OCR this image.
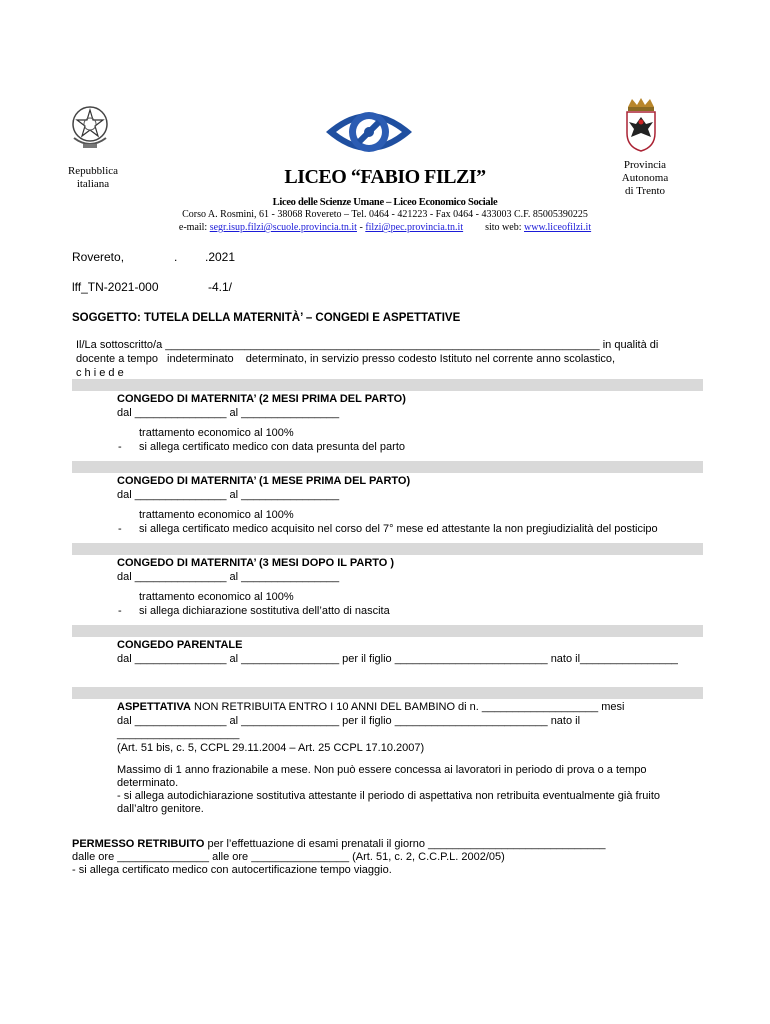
Repubblica
italiana
Provincia
Autonoma
di Trento
LICEO “FABIO FILZI”
Liceo delle Scienze Umane – Liceo Economico Sociale
Corso A. Rosmini, 61 - 38068 Rovereto – Tel. 0464 - 421223 - Fax 0464 - 433003 C.F. 85005390225
e-mail: segr.isup.filzi@scuole.provincia.tn.it - filzi@pec.provincia.tn.it sito web: www.liceofilzi.it
Rovereto,	. .2021
lff_TN-2021-000	-4.1/
SOGGETTO: TUTELA DELLA MATERNITÀ’ – CONGEDI E ASPETTATIVE
Il/La sottoscritto/a _______________________________________________________________________ in qualità di
docente a tempo indeterminato determinato, in servizio presso codesto Istituto nel corrente anno scolastico,
c h i e d e
CONGEDO DI MATERNITA’ (2 MESI PRIMA DEL PARTO)
dal _______________ al ________________
trattamento economico al 100%
- si allega certificato medico con data presunta del parto
CONGEDO DI MATERNITA’ (1 MESE PRIMA DEL PARTO)
dal _______________ al ________________
trattamento economico al 100%
- si allega certificato medico acquisito nel corso del 7° mese ed attestante la non pregiudizialità del posticipo
CONGEDO DI MATERNITA’ (3 MESI DOPO IL PARTO )
dal _______________ al ________________
trattamento economico al 100%
- si allega dichiarazione sostitutiva dell’atto di nascita
CONGEDO PARENTALE
dal _______________ al ________________ per il figlio _________________________ nato il________________
ASPETTATIVA NON RETRIBUITA ENTRO I 10 ANNI DEL BAMBINO di n. ___________________ mesi
dal _______________ al ________________ per il figlio _________________________ nato il
____________________
(Art. 51 bis, c. 5, CCPL 29.11.2004 – Art. 25 CCPL 17.10.2007)
Massimo di 1 anno frazionabile a mese. Non può essere concessa ai lavoratori in periodo di prova o a tempo
determinato.
- si allega autodichiarazione sostitutiva attestante il periodo di aspettativa non retribuita eventualmente già fruito
dall’altro genitore.
PERMESSO RETRIBUITO per l’effettuazione di esami prenatali il giorno _____________________________
dalle ore _______________ alle ore ________________ (Art. 51, c. 2, C.C.P.L. 2002/05)
- si allega certificato medico con autocertificazione tempo viaggio.
